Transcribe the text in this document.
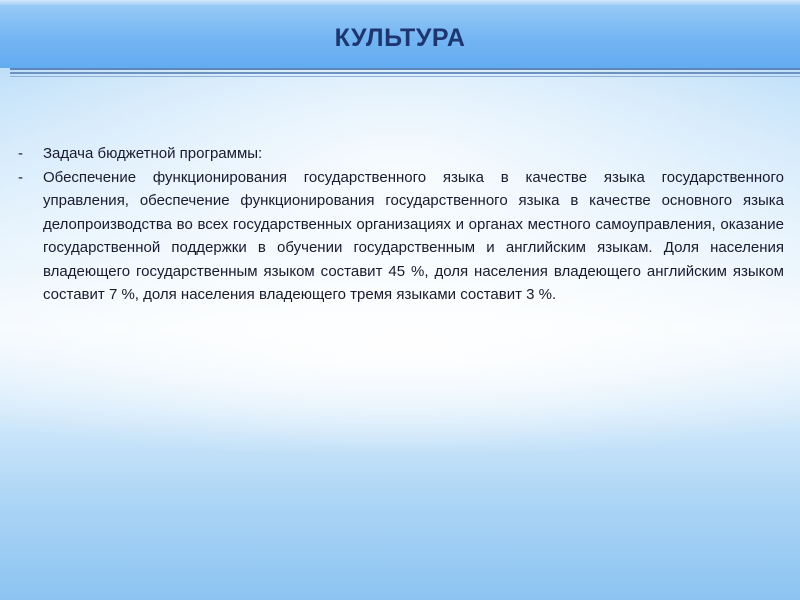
КУЛЬТУРА
-	Задача бюджетной программы:
-	Обеспечение функционирования государственного языка в качестве языка государственного управления, обеспечение функционирования государственного языка в качестве основного языка делопроизводства во всех государственных организациях и органах местного самоуправления, оказание государственной поддержки в обучении государственным и английским языкам. Доля населения владеющего государственным языком составит 45 %, доля населения владеющего английским языком составит 7 %, доля населения владеющего тремя языками составит 3 %.
